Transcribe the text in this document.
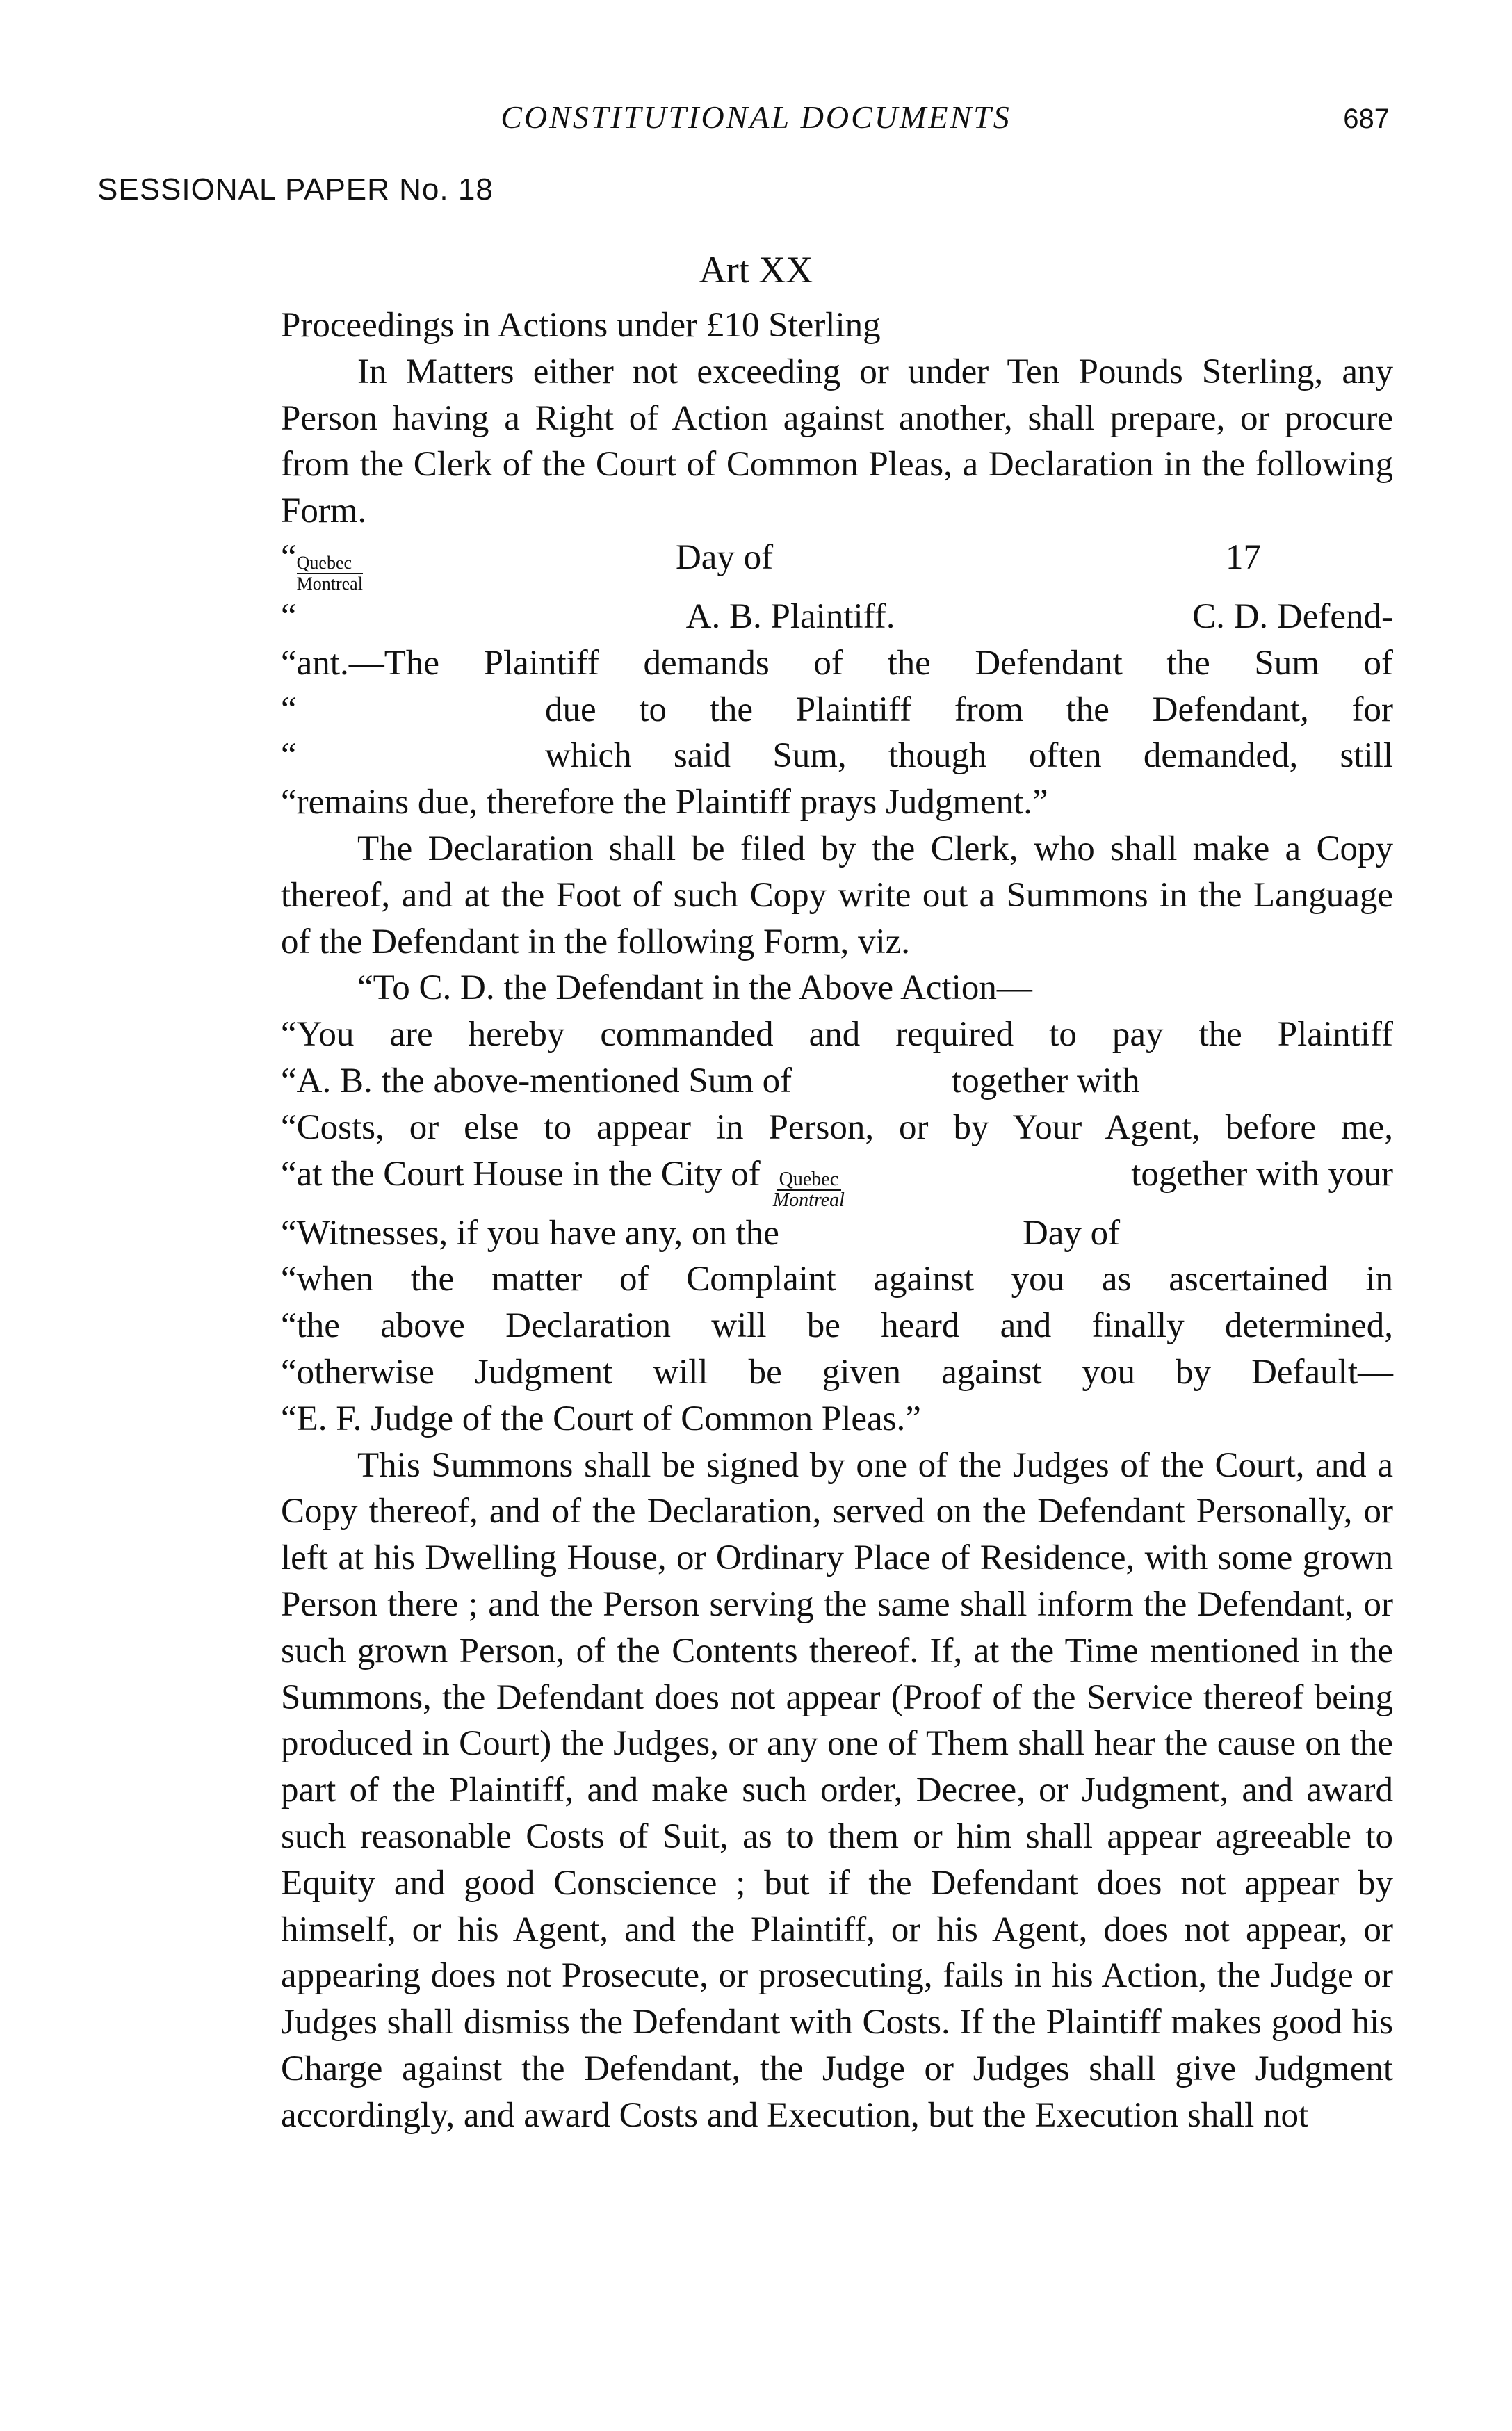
CONSTITUTIONAL DOCUMENTS	687
SESSIONAL PAPER No. 18
Art XX

Proceedings in Actions under £10 Sterling

In Matters either not exceeding or under Ten Pounds Sterling, any Person having a Right of Action against another, shall prepare, or procure from the Clerk of the Court of Common Pleas, a Declaration in the following Form.

“ $\frac{\text{Quebec}}{\text{Montreal}}$	Day of	17
“	A. B. Plaintiff.	C. D. Defend-

“ant.—The Plaintiff demands of the Defendant the Sum of

“	due to the Plaintiff from the Defendant, for
“	which said Sum, though often demanded, still

“remains due, therefore the Plaintiff prays Judgment.”

The Declaration shall be filed by the Clerk, who shall make a Copy thereof, and at the Foot of such Copy write out a Summons in the Language of the Defendant in the following Form, viz.

“To C. D. the Defendant in the Above Action—

“You are hereby commanded and required to pay the Plaintiff

“A. B. the above-mentioned Sum of	together with

“Costs, or else to appear in Person, or by Your Agent, before me,

“at the Court House in the City of $\frac{\text{Quebec}}{\text{Montreal}}$	together with your
“Witnesses, if you have any, on the	Day of

“when the matter of Complaint against you as ascertained in

“the above Declaration will be heard and finally determined,

“otherwise Judgment will be given against you by Default—

“E. F. Judge of the Court of Common Pleas.”

This Summons shall be signed by one of the Judges of the Court, and a Copy thereof, and of the Declaration, served on the Defendant Personally, or left at his Dwelling House, or Ordinary Place of Residence, with some grown Person there ; and the Person serving the same shall inform the Defendant, or such grown Person, of the Contents thereof. If, at the Time mentioned in the Summons, the Defendant does not appear (Proof of the Service thereof being produced in Court) the Judges, or any one of Them shall hear the cause on the part of the Plaintiff, and make such order, Decree, or Judgment, and award such reasonable Costs of Suit, as to them or him shall appear agreeable to Equity and good Conscience ; but if the Defendant does not appear by himself, or his Agent, and the Plaintiff, or his Agent, does not appear, or appearing does not Prosecute, or prosecuting, fails in his Action, the Judge or Judges shall dismiss the Defendant with Costs. If the Plaintiff makes good his Charge against the Defendant, the Judge or Judges shall give Judgment accordingly, and award Costs and Execution, but the Execution shall not
